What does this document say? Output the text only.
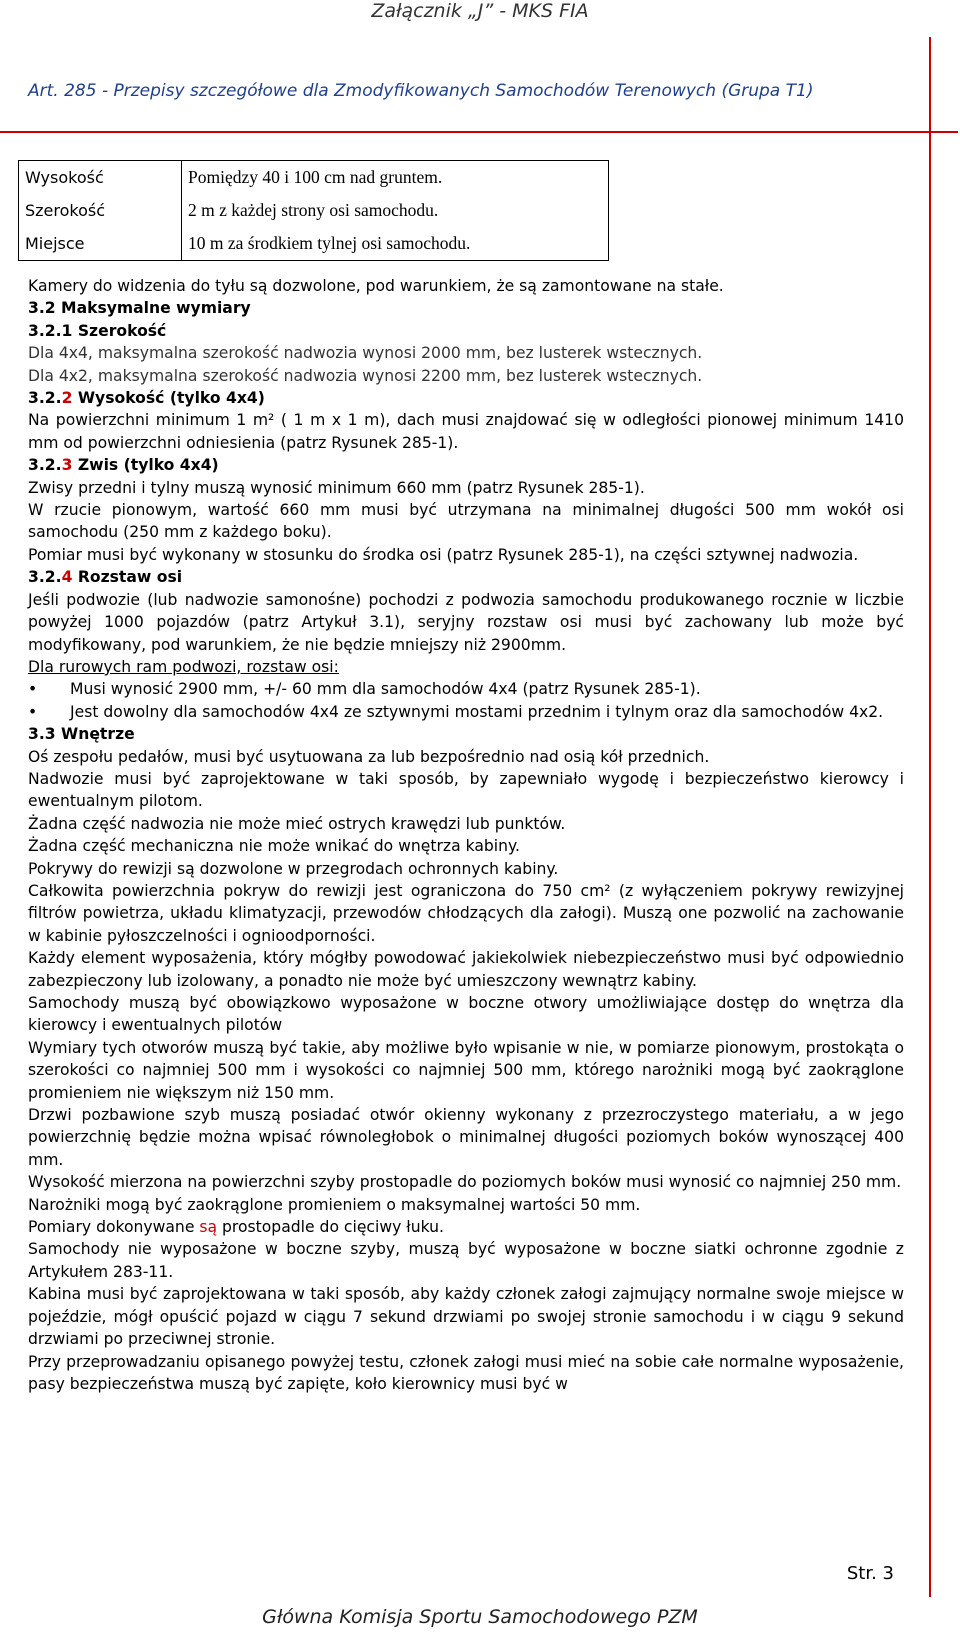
Załącznik „J” - MKS FIA
Art. 285 - Przepisy szczegółowe dla Zmodyfikowanych Samochodów Terenowych (Grupa T1)
Wysokość	Pomiędzy 40 i 100 cm nad gruntem.
Szerokość	2 m z każdej strony osi samochodu.
Miejsce	10 m za środkiem tylnej osi samochodu.

Kamery do widzenia do tyłu są dozwolone, pod warunkiem, że są zamontowane na stałe.

3.2 Maksymalne wymiary

3.2.1 Szerokość

Dla 4x4, maksymalna szerokość nadwozia wynosi 2000 mm, bez lusterek wstecznych.

Dla 4x2, maksymalna szerokość nadwozia wynosi 2200 mm, bez lusterek wstecznych.

3.2.2 Wysokość (tylko 4x4)

Na powierzchni minimum 1 m² ( 1 m x 1 m), dach musi znajdować się w odległości pionowej minimum 1410 mm od powierzchni odniesienia (patrz Rysunek 285-1).

3.2.3 Zwis (tylko 4x4)

Zwisy przedni i tylny muszą wynosić minimum 660 mm (patrz Rysunek 285-1).

W rzucie pionowym, wartość 660 mm musi być utrzymana na minimalnej długości 500 mm wokół osi samochodu (250 mm z każdego boku).

Pomiar musi być wykonany w stosunku do środka osi (patrz Rysunek 285-1), na części sztywnej nadwozia.

3.2.4 Rozstaw osi

Jeśli podwozie (lub nadwozie samonośne) pochodzi z podwozia samochodu produkowanego rocznie w liczbie powyżej 1000 pojazdów (patrz Artykuł 3.1), seryjny rozstaw osi musi być zachowany lub może być modyfikowany, pod warunkiem, że nie będzie mniejszy niż 2900mm.

Dla rurowych ram podwozi, rozstaw osi:

• Musi wynosić 2900 mm, +/- 60 mm dla samochodów 4x4 (patrz Rysunek 285-1).
• Jest dowolny dla samochodów 4x4 ze sztywnymi mostami przednim i tylnym oraz dla samochodów 4x2.

3.3 Wnętrze

Oś zespołu pedałów, musi być usytuowana za lub bezpośrednio nad osią kół przednich.

Nadwozie musi być zaprojektowane w taki sposób, by zapewniało wygodę i bezpieczeństwo kierowcy i ewentualnym pilotom.

Żadna część nadwozia nie może mieć ostrych krawędzi lub punktów.

Żadna część mechaniczna nie może wnikać do wnętrza kabiny.

Pokrywy do rewizji są dozwolone w przegrodach ochronnych kabiny.

Całkowita powierzchnia pokryw do rewizji jest ograniczona do 750 cm² (z wyłączeniem pokrywy rewizyjnej filtrów powietrza, układu klimatyzacji, przewodów chłodzących dla załogi). Muszą one pozwolić na zachowanie w kabinie pyłoszczelności i ognioodporności.

Każdy element wyposażenia, który mógłby powodować jakiekolwiek niebezpieczeństwo musi być odpowiednio zabezpieczony lub izolowany, a ponadto nie może być umieszczony wewnątrz kabiny.

Samochody muszą być obowiązkowo wyposażone w boczne otwory umożliwiające dostęp do wnętrza dla kierowcy i ewentualnych pilotów

Wymiary tych otworów muszą być takie, aby możliwe było wpisanie w nie, w pomiarze pionowym, prostokąta o szerokości co najmniej 500 mm i wysokości co najmniej 500 mm, którego narożniki mogą być zaokrąglone promieniem nie większym niż 150 mm.

Drzwi pozbawione szyb muszą posiadać otwór okienny wykonany z przezroczystego materiału, a w jego powierzchnię będzie można wpisać równoległobok o minimalnej długości poziomych boków wynoszącej 400 mm.

Wysokość mierzona na powierzchni szyby prostopadle do poziomych boków musi wynosić co najmniej 250 mm.

Narożniki mogą być zaokrąglone promieniem o maksymalnej wartości 50 mm.

Pomiary dokonywane są prostopadle do cięciwy łuku.

Samochody nie wyposażone w boczne szyby, muszą być wyposażone w boczne siatki ochronne zgodnie z Artykułem 283-11.

Kabina musi być zaprojektowana w taki sposób, aby każdy członek załogi zajmujący normalne swoje miejsce w pojeździe, mógł opuścić pojazd w ciągu 7 sekund drzwiami po swojej stronie samochodu i w ciągu 9 sekund drzwiami po przeciwnej stronie.

Przy przeprowadzaniu opisanego powyżej testu, członek załogi musi mieć na sobie całe normalne wyposażenie, pasy bezpieczeństwa muszą być zapięte, koło kierownicy musi być w

Str. 3
Główna Komisja Sportu Samochodowego PZM
